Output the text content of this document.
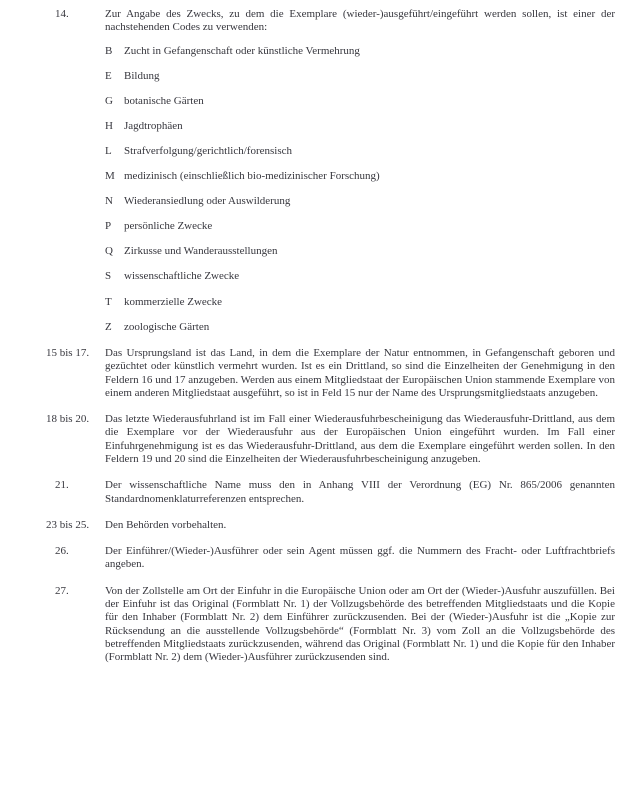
14.	Zur Angabe des Zwecks, zu dem die Exemplare (wieder-)ausgeführt/eingeführt werden sollen, ist einer der nachstehenden Codes zu verwenden:

B	Zucht in Gefangenschaft oder künstliche Vermehrung
E	Bildung
G	botanische Gärten
H	Jagdtrophäen
L	Strafverfolgung/gerichtlich/forensisch
M medizinisch (einschließlich bio-medizinischer Forschung)
N	Wiederansiedlung oder Auswilderung
P	persönliche Zwecke
Q	Zirkusse und Wanderausstellungen
S	wissenschaftliche Zwecke
T	kommerzielle Zwecke
Z	zoologische Gärten
15 bis 17.	Das Ursprungsland ist das Land, in dem die Exemplare der Natur entnommen, in Gefangenschaft geboren und gezüchtet oder künstlich vermehrt wurden. Ist es ein Drittland, so sind die Einzelheiten der Genehmigung in den Feldern 16 und 17 anzugeben. Werden aus einem Mitgliedstaat der Europäischen Union stammende Exemplare von einem anderen Mitgliedstaat ausgeführt, so ist in Feld 15 nur der Name des Ursprungsmitgliedstaats anzugeben.

18 bis 20.	Das letzte Wiederausfuhrland ist im Fall einer Wiederausfuhrbescheinigung das Wiederausfuhr-Drittland, aus dem die Exemplare vor der Wiederausfuhr aus der Europäischen Union eingeführt wurden. Im Fall einer Einfuhrgenehmigung ist es das Wiederausfuhr-Drittland, aus dem die Exemplare eingeführt werden sollen. In den Feldern 19 und 20 sind die Einzelheiten der Wiederausfuhrbescheinigung anzugeben.

21.	Der wissenschaftliche Name muss den in Anhang VIII der Verordnung (EG) Nr. 865/2006 genannten Standardnomenklaturreferenzen entsprechen.

23 bis 25.	Den Behörden vorbehalten.

26.	Der Einführer/(Wieder-)Ausführer oder sein Agent müssen ggf. die Nummern des Fracht- oder Luftfrachtbriefs angeben.

27.	Von der Zollstelle am Ort der Einfuhr in die Europäische Union oder am Ort der (Wieder-)Ausfuhr auszufüllen. Bei der Einfuhr ist das Original (Formblatt Nr. 1) der Vollzugsbehörde des betreffenden Mitgliedstaats und die Kopie für den Inhaber (Formblatt Nr. 2) dem Einführer zurückzusenden. Bei der (Wieder-)Ausfuhr ist die „Kopie zur Rücksendung an die ausstellende Vollzugsbehörde“ (Formblatt Nr. 3) vom Zoll an die Vollzugsbehörde des betreffenden Mitgliedstaats zurückzusenden, während das Original (Formblatt Nr. 1) und die Kopie für den Inhaber (Formblatt Nr. 2) dem (Wieder-)Ausführer zurückzusenden sind.
